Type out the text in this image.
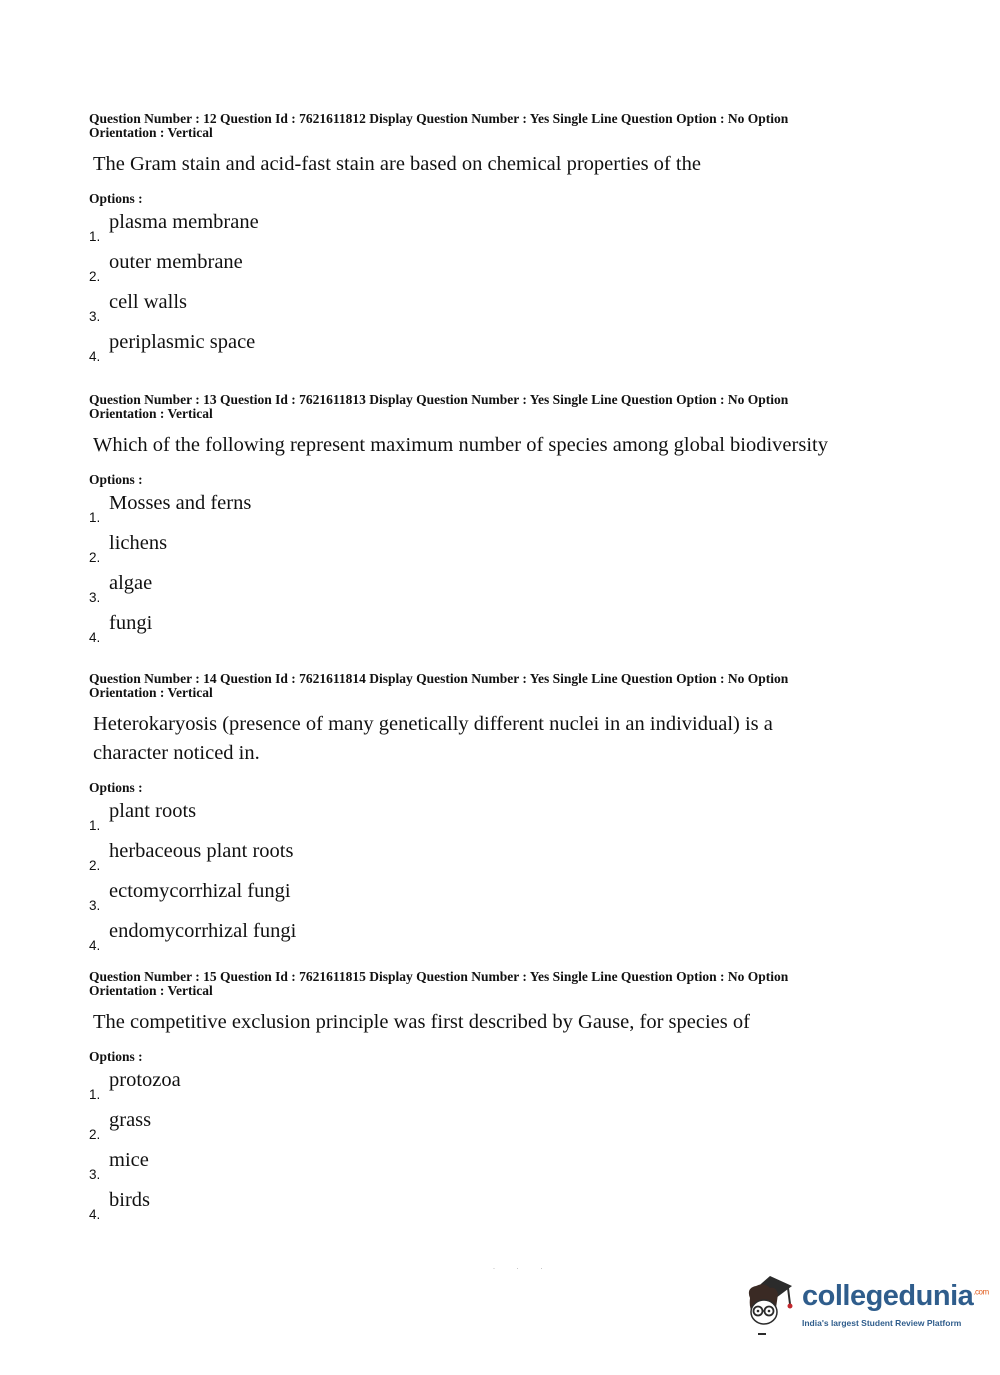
Question Number : 12 Question Id : 7621611812 Display Question Number : Yes Single Line Question Option : No Option

Orientation : Vertical

The Gram stain and acid-fast stain are based on chemical properties of the
Options :
1.
plasma membrane
2.
outer membrane
3.
cell walls
4.
periplasmic space

Question Number : 13 Question Id : 7621611813 Display Question Number : Yes Single Line Question Option : No Option

Orientation : Vertical

Which of the following represent maximum number of species among global biodiversity
Options :
1.
Mosses and ferns
2.
lichens
3.
algae
4.
fungi

Question Number : 14 Question Id : 7621611814 Display Question Number : Yes Single Line Question Option : No Option

Orientation : Vertical

Heterokaryosis (presence of many genetically different nuclei in an individual) is a character noticed in.
Options :
1.
plant roots
2.
herbaceous plant roots
3.
ectomycorrhizal fungi
4.
endomycorrhizal fungi

Question Number : 15 Question Id : 7621611815 Display Question Number : Yes Single Line Question Option : No Option

Orientation : Vertical

The competitive exclusion principle was first described by Gause, for species of
Options :
1.
protozoa
2.
grass
3.
mice
4.
birds
· · ·
collegedunia$^{.com}$
India's largest Student Review Platform
